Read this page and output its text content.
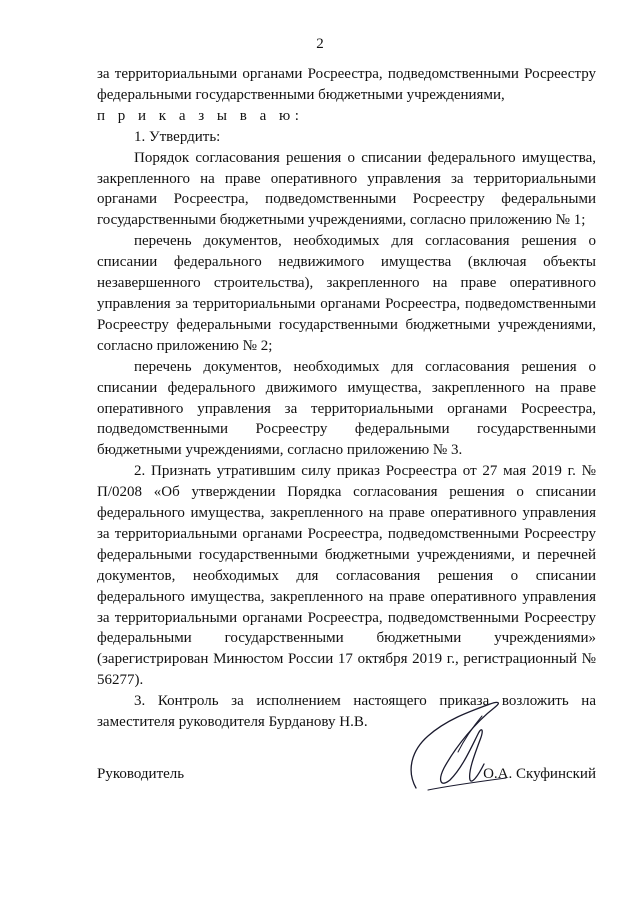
2

за территориальными органами Росреестра, подведомственными Росреестру федеральными государственными бюджетными учреждениями,

п р и к а з ы в а ю:

1. Утвердить:

Порядок согласования решения о списании федерального имущества, закрепленного на праве оперативного управления за территориальными органами Росреестра, подведомственными Росреестру федеральными государственными бюджетными учреждениями, согласно приложению № 1;

перечень документов, необходимых для согласования решения о списании федерального недвижимого имущества (включая объекты незавершенного строительства), закрепленного на праве оперативного управления за территориальными органами Росреестра, подведомственными Росреестру федеральными государственными бюджетными учреждениями, согласно приложению № 2;

перечень документов, необходимых для согласования решения о списании федерального движимого имущества, закрепленного на праве оперативного управления за территориальными органами Росреестра, подведомственными Росреестру федеральными государственными бюджетными учреждениями, согласно приложению № 3.

2. Признать утратившим силу приказ Росреестра от 27 мая 2019 г. № П/0208 «Об утверждении Порядка согласования решения о списании федерального имущества, закрепленного на праве оперативного управления за территориальными органами Росреестра, подведомственными Росреестру федеральными государственными бюджетными учреждениями, и перечней документов, необходимых для согласования решения о списании федерального имущества, закрепленного на праве оперативного управления за территориальными органами Росреестра, подведомственными Росреестру федеральными государственными бюджетными учреждениями» (зарегистрирован Минюстом России 17 октября 2019 г., регистрационный № 56277).

3. Контроль за исполнением настоящего приказа возложить на заместителя руководителя Бурданову Н.В.

Руководитель	О.А. Скуфинский
